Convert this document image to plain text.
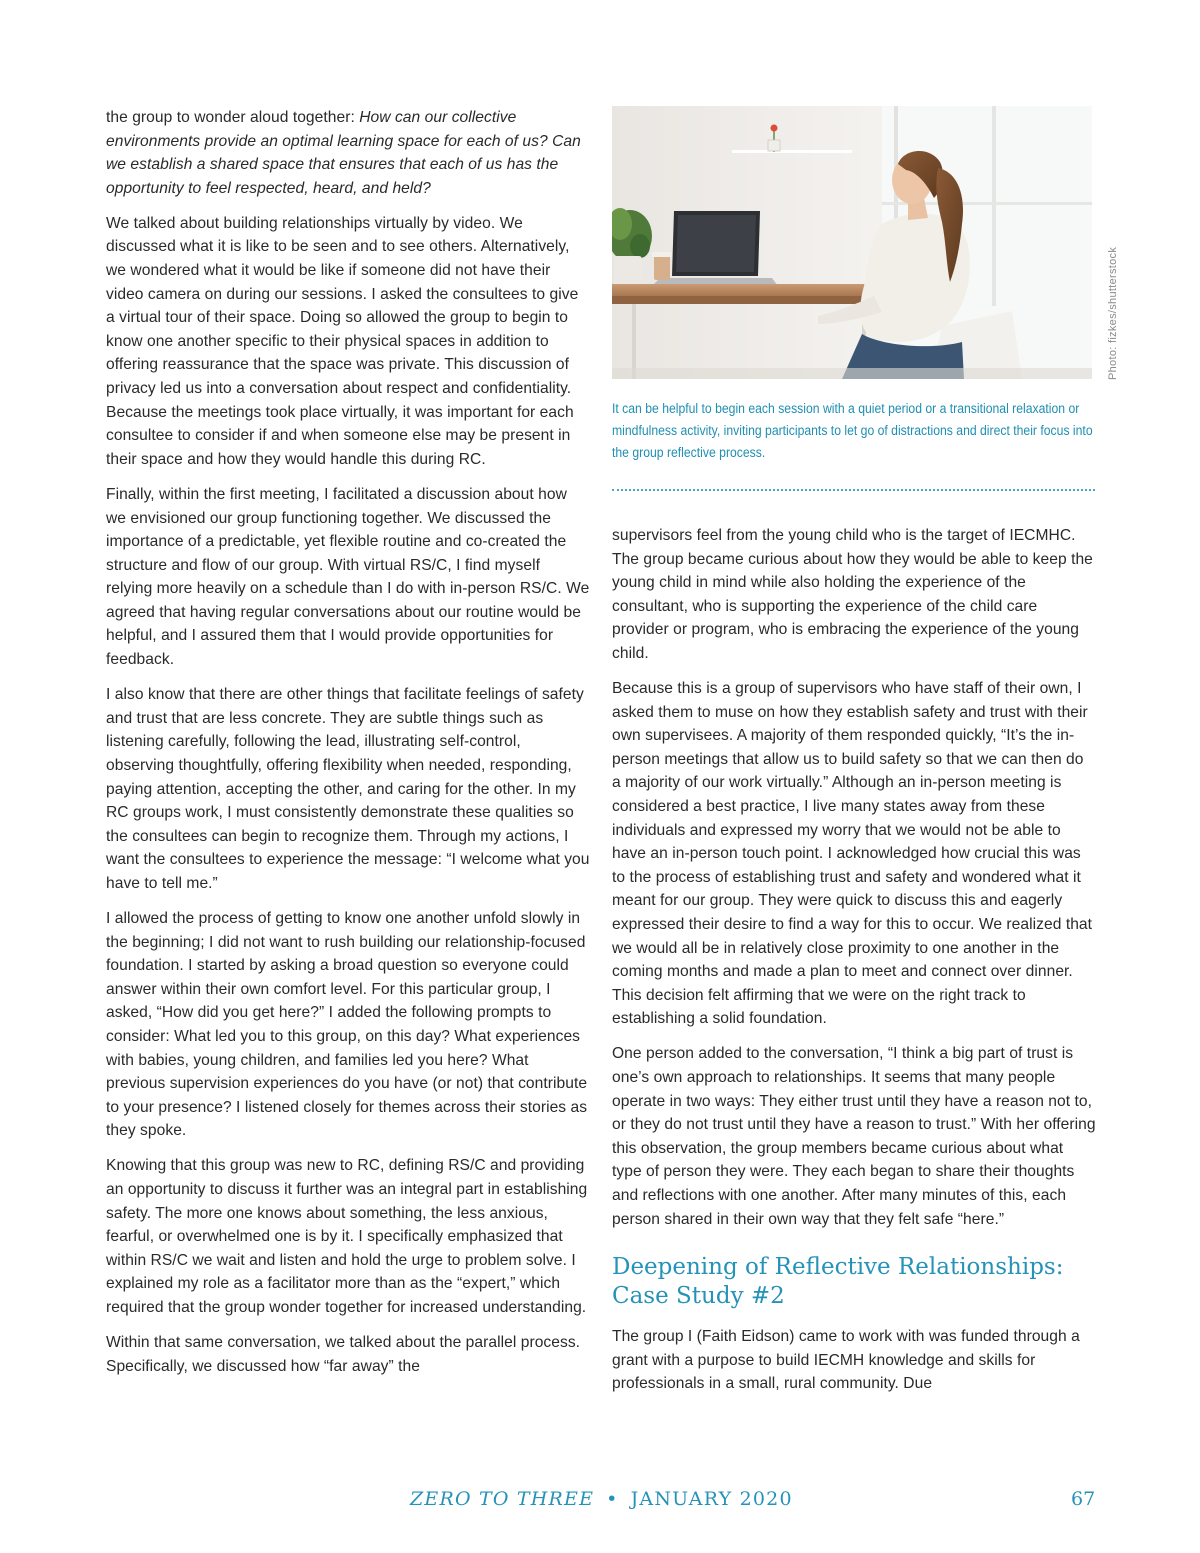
the group to wonder aloud together: How can our collective environments provide an optimal learning space for each of us? Can we establish a shared space that ensures that each of us has the opportunity to feel respected, heard, and held?

We talked about building relationships virtually by video. We discussed what it is like to be seen and to see others. Alternatively, we wondered what it would be like if someone did not have their video camera on during our sessions. I asked the consultees to give a virtual tour of their space. Doing so allowed the group to begin to know one another specific to their physical spaces in addition to offering reassurance that the space was private. This discussion of privacy led us into a conversation about respect and confidentiality. Because the meetings took place virtually, it was important for each consultee to consider if and when someone else may be present in their space and how they would handle this during RC.

Finally, within the first meeting, I facilitated a discussion about how we envisioned our group functioning together. We discussed the importance of a predictable, yet flexible routine and co-created the structure and flow of our group. With virtual RS/C, I find myself relying more heavily on a schedule than I do with in-person RS/C. We agreed that having regular conversations about our routine would be helpful, and I assured them that I would provide opportunities for feedback.

I also know that there are other things that facilitate feelings of safety and trust that are less concrete. They are subtle things such as listening carefully, following the lead, illustrating self-control, observing thoughtfully, offering flexibility when needed, responding, paying attention, accepting the other, and caring for the other. In my RC groups work, I must consistently demonstrate these qualities so the consultees can begin to recognize them. Through my actions, I want the consultees to experience the message: “I welcome what you have to tell me.”

I allowed the process of getting to know one another unfold slowly in the beginning; I did not want to rush building our relationship-focused foundation. I started by asking a broad question so everyone could answer within their own comfort level. For this particular group, I asked, “How did you get here?” I added the following prompts to consider: What led you to this group, on this day? What experiences with babies, young children, and families led you here? What previous supervision experiences do you have (or not) that contribute to your presence? I listened closely for themes across their stories as they spoke.

Knowing that this group was new to RC, defining RS/C and providing an opportunity to discuss it further was an integral part in establishing safety. The more one knows about something, the less anxious, fearful, or overwhelmed one is by it. I specifically emphasized that within RS/C we wait and listen and hold the urge to problem solve. I explained my role as a facilitator more than as the “expert,” which required that the group wonder together for increased understanding.

Within that same conversation, we talked about the parallel process. Specifically, we discussed how “far away” the

Photo: fizkes/shutterstock
It can be helpful to begin each session with a quiet period or a transitional relaxation or mindfulness activity, inviting participants to let go of distractions and direct their focus into the group reflective process.

supervisors feel from the young child who is the target of IECMHC. The group became curious about how they would be able to keep the young child in mind while also holding the experience of the consultant, who is supporting the experience of the child care provider or program, who is embracing the experience of the young child.

Because this is a group of supervisors who have staff of their own, I asked them to muse on how they establish safety and trust with their own supervisees. A majority of them responded quickly, “It’s the in-person meetings that allow us to build safety so that we can then do a majority of our work virtually.” Although an in-person meeting is considered a best practice, I live many states away from these individuals and expressed my worry that we would not be able to have an in-person touch point. I acknowledged how crucial this was to the process of establishing trust and safety and wondered what it meant for our group. They were quick to discuss this and eagerly expressed their desire to find a way for this to occur. We realized that we would all be in relatively close proximity to one another in the coming months and made a plan to meet and connect over dinner. This decision felt affirming that we were on the right track to establishing a solid foundation.

One person added to the conversation, “I think a big part of trust is one’s own approach to relationships. It seems that many people operate in two ways: They either trust until they have a reason not to, or they do not trust until they have a reason to trust.” With her offering this observation, the group members became curious about what type of person they were. They each began to share their thoughts and reflections with one another. After many minutes of this, each person shared in their own way that they felt safe “here.”

Deepening of Reflective Relationships: Case Study #2

The group I (Faith Eidson) came to work with was funded through a grant with a purpose to build IECMH knowledge and skills for professionals in a small, rural community. Due

ZERO TO THREE • JANUARY 2020	67
